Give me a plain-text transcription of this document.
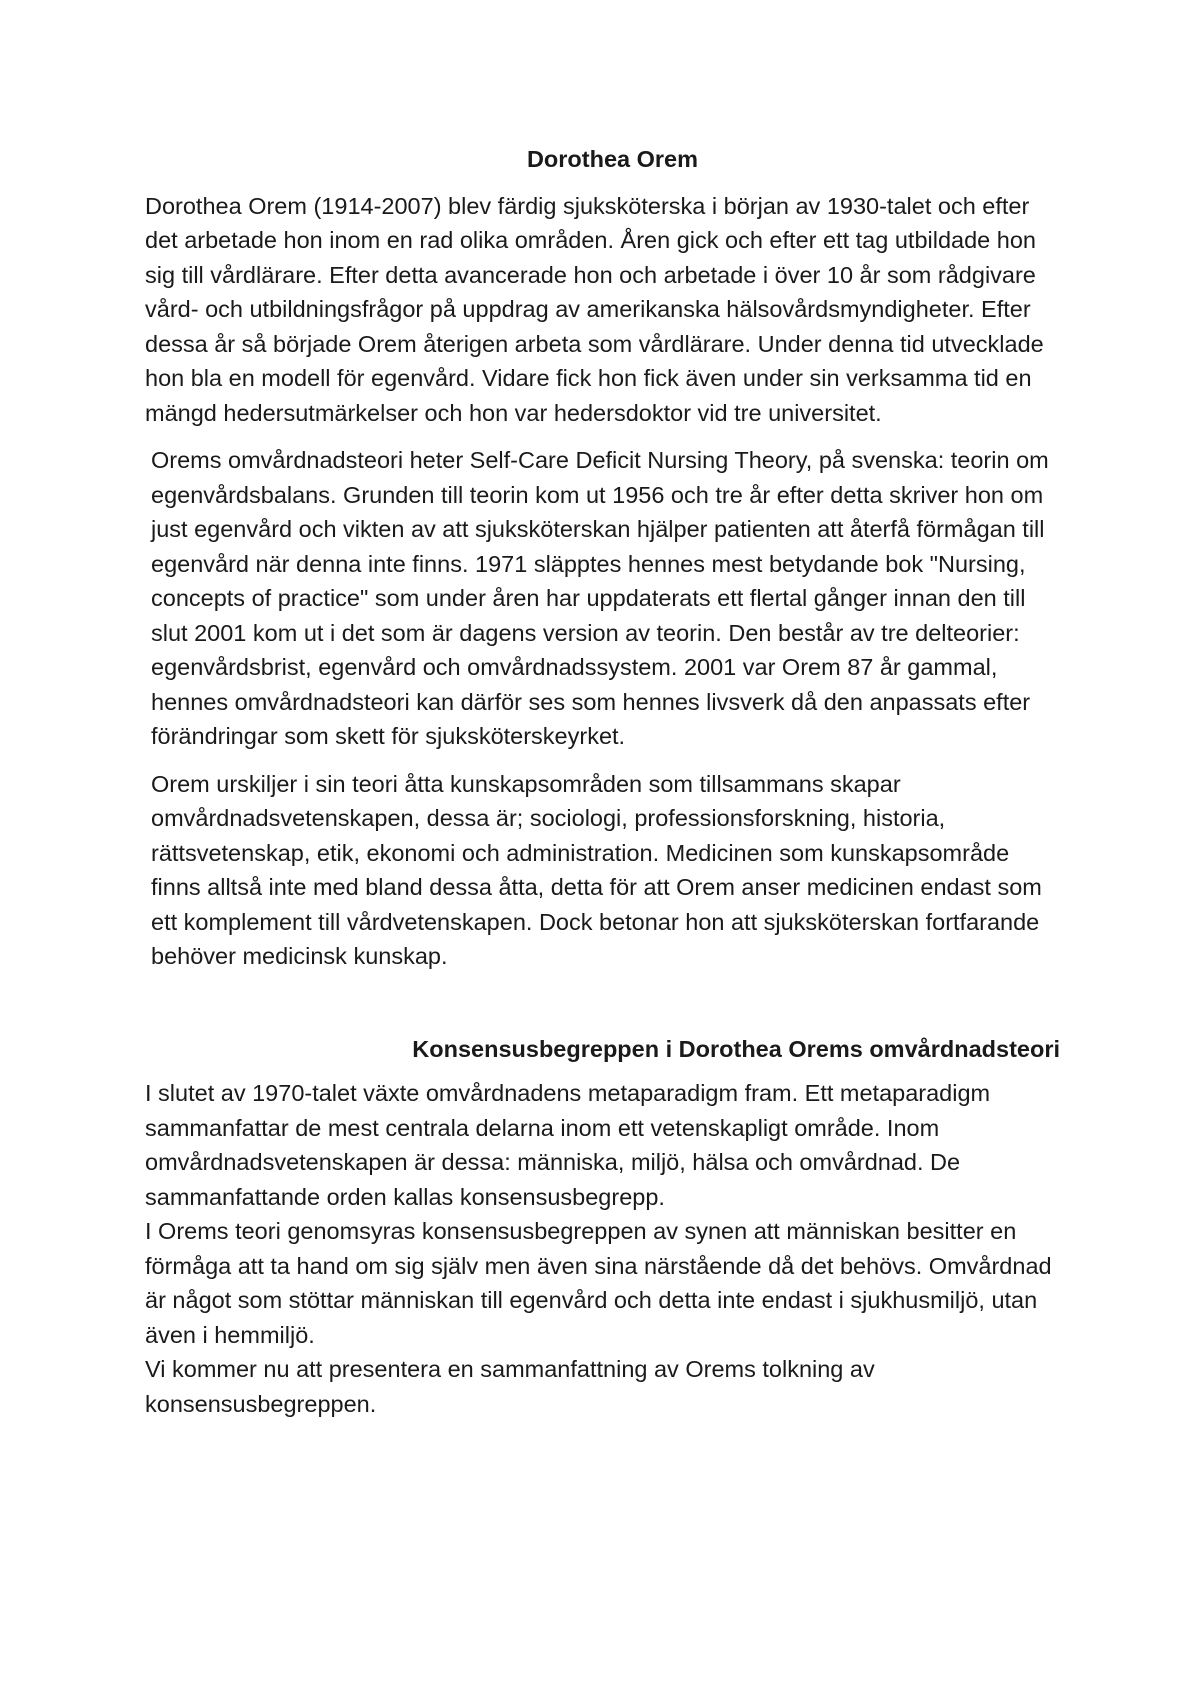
Dorothea Orem

Dorothea Orem (1914-2007) blev färdig sjuksköterska i början av 1930-talet och efter det arbetade hon inom en rad olika områden. Åren gick och efter ett tag utbildade hon sig till vårdlärare. Efter detta avancerade hon och arbetade i över 10 år som rådgivare vård- och utbildningsfrågor på uppdrag av amerikanska hälsovårdsmyndigheter. Efter dessa år så började Orem återigen arbeta som vårdlärare. Under denna tid utvecklade hon bla en modell för egenvård. Vidare fick hon fick även under sin verksamma tid en mängd hedersutmärkelser och hon var hedersdoktor vid tre universitet.

Orems omvårdnadsteori heter Self-Care Deficit Nursing Theory, på svenska: teorin om egenvårdsbalans. Grunden till teorin kom ut 1956 och tre år efter detta skriver hon om just egenvård och vikten av att sjuksköterskan hjälper patienten att återfå förmågan till egenvård när denna inte finns. 1971 släpptes hennes mest betydande bok "Nursing, concepts of practice" som under åren har uppdaterats ett flertal gånger innan den till slut 2001 kom ut i det som är dagens version av teorin. Den består av tre delteorier: egenvårdsbrist, egenvård och omvårdnadssystem. 2001 var Orem 87 år gammal, hennes omvårdnadsteori kan därför ses som hennes livsverk då den anpassats efter förändringar som skett för sjuksköterskeyrket.

Orem urskiljer i sin teori åtta kunskapsområden som tillsammans skapar omvårdnadsvetenskapen, dessa är; sociologi, professionsforskning, historia, rättsvetenskap, etik, ekonomi och administration. Medicinen som kunskapsområde finns alltså inte med bland dessa åtta, detta för att Orem anser medicinen endast som ett komplement till vårdvetenskapen. Dock betonar hon att sjuksköterskan fortfarande behöver medicinsk kunskap.

Konsensusbegreppen i Dorothea Orems omvårdnadsteori

I slutet av 1970-talet växte omvårdnadens metaparadigm fram. Ett metaparadigm sammanfattar de mest centrala delarna inom ett vetenskapligt område. Inom omvårdnadsvetenskapen är dessa: människa, miljö, hälsa och omvårdnad. De sammanfattande orden kallas konsensusbegrepp.

I Orems teori genomsyras konsensusbegreppen av synen att människan besitter en förmåga att ta hand om sig själv men även sina närstående då det behövs. Omvårdnad är något som stöttar människan till egenvård och detta inte endast i sjukhusmiljö, utan även i hemmiljö.

Vi kommer nu att presentera en sammanfattning av Orems tolkning av konsensusbegreppen.
